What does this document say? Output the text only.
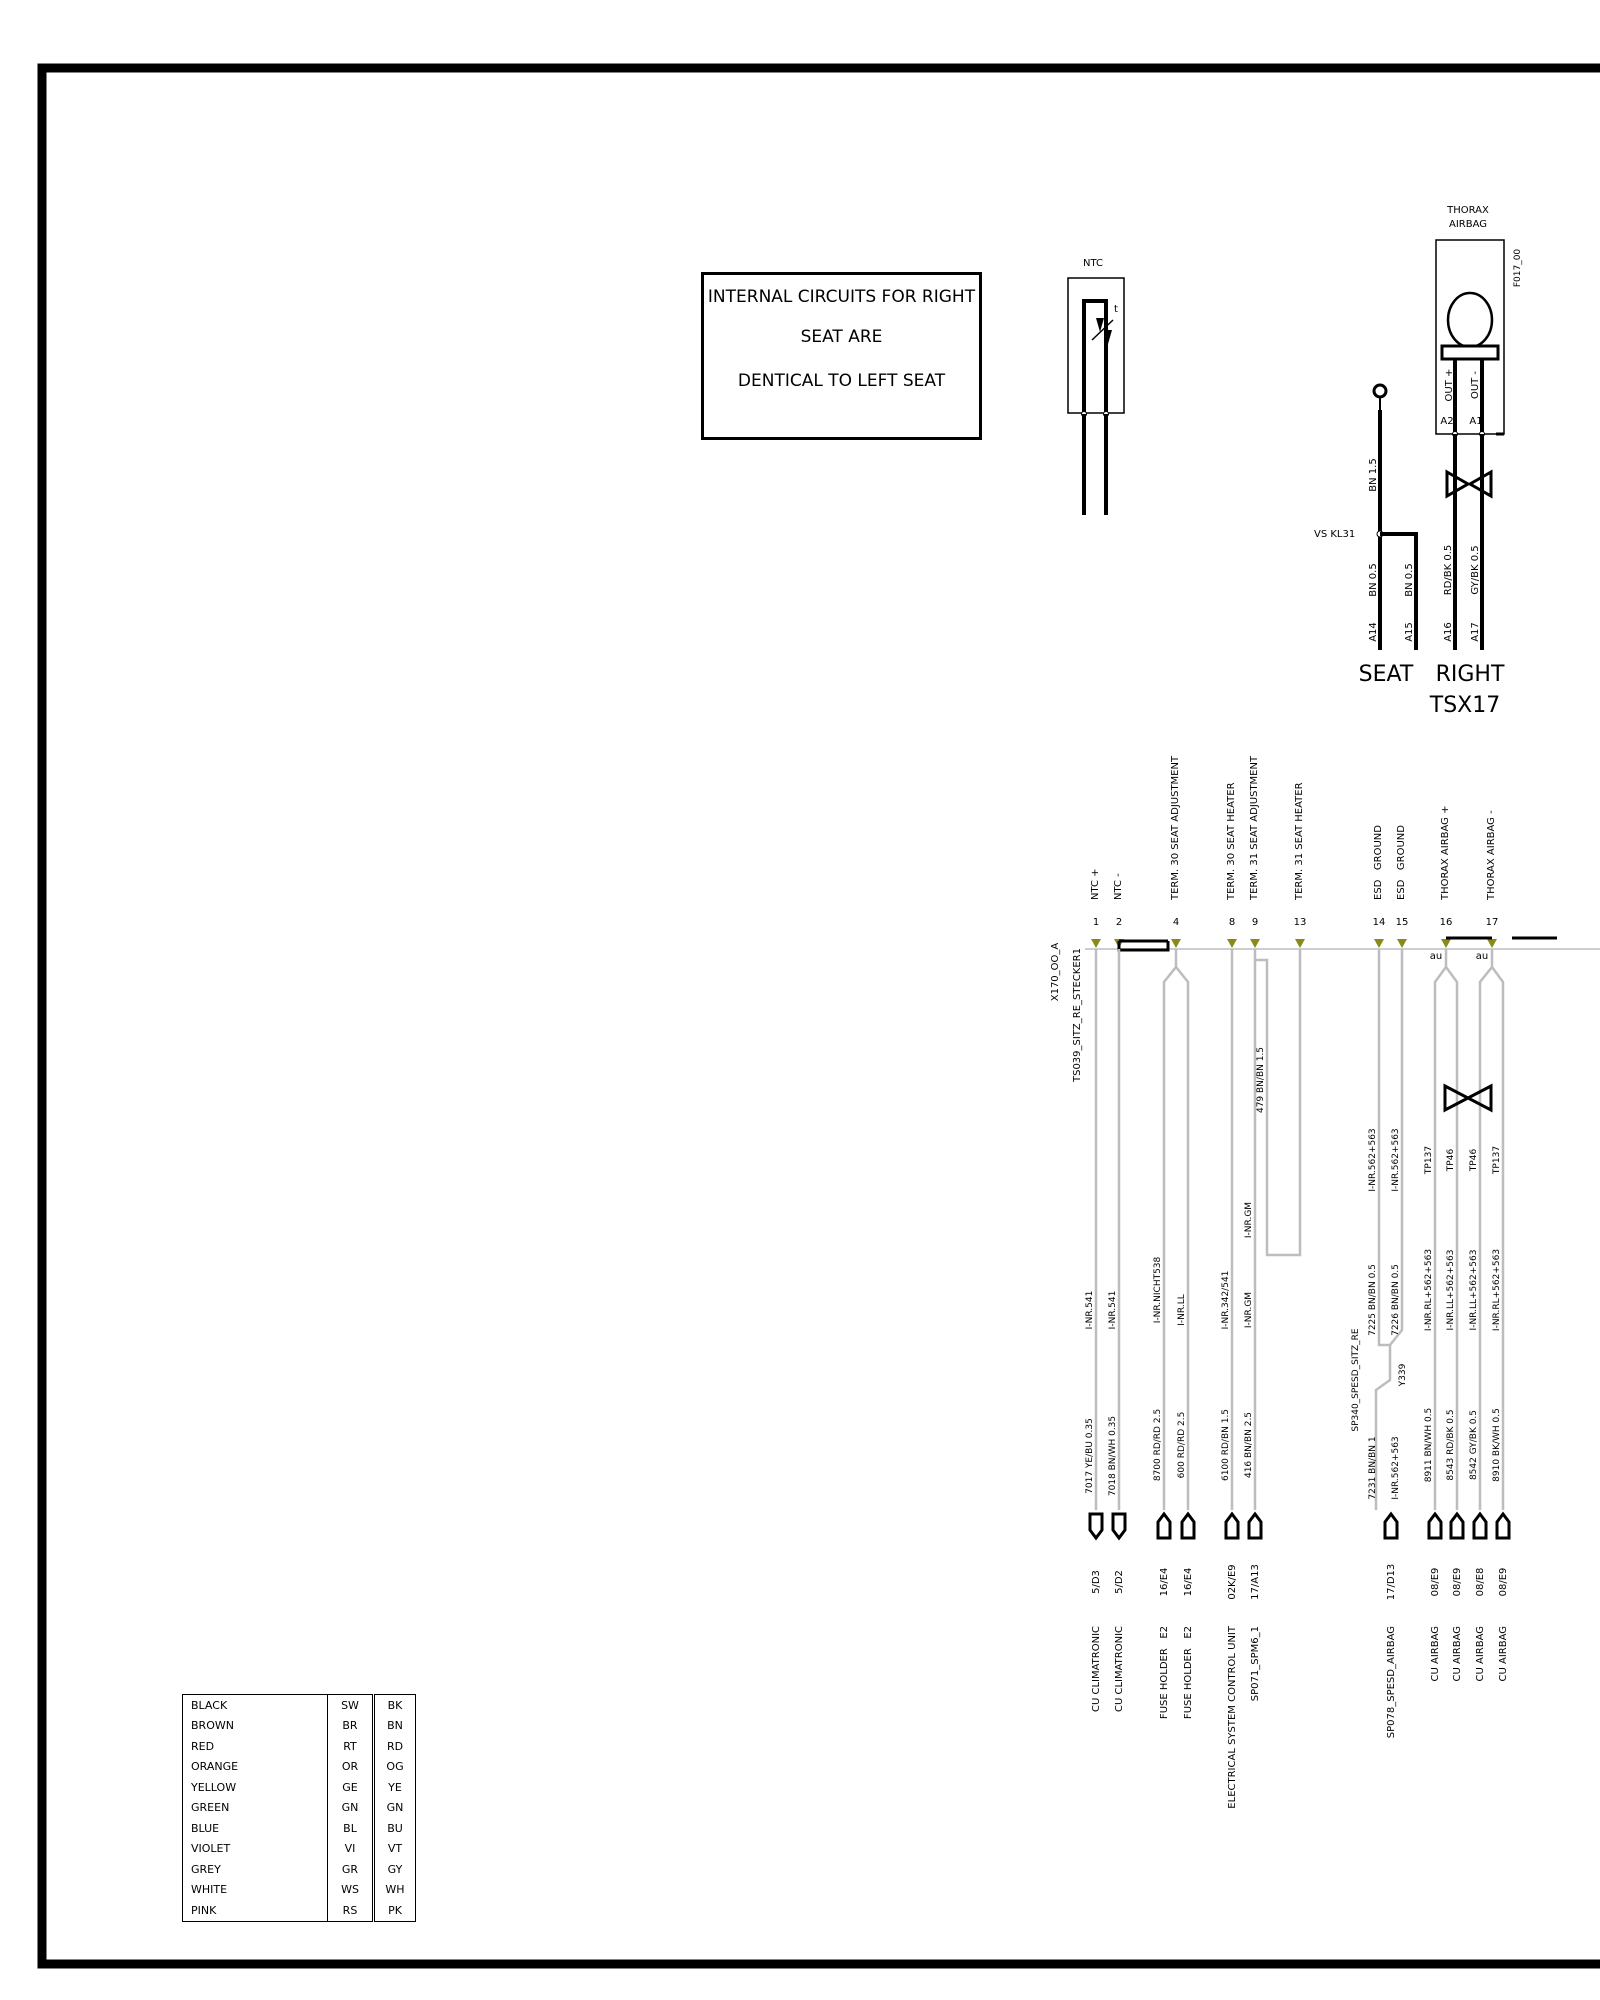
NTC
t
THORAX
AIRBAG
F017_00
OUT + OUT -
A2 A1
BN 1.5
VS KL31
BN 0.5	BN 0.5	RD/BK 0.5 GY/BK 0.5
A14	A15	A16 A17
SEAT RIGHT
TSX17
X170_OO_A TS039_SITZ_RE_STECKER1
NTC + NTC -	TERM. 30 SEAT ADJUSTMENT	TERM. 30 SEAT HEATER TERM. 31 SEAT ADJUSTMENT	TERM. 31 SEAT HEATER	ESD   GROUND ESD   GROUND	THORAX AIRBAG +	THORAX AIRBAG -
1 2	4	8 9	13	14 15	16	17
au	au
479 BN/BN 1.5
I-NR.GM
I-NR.562+563 I-NR.562+563	TP137 TP46 TP46 TP137
I-NR.541 I-NR.541	I-NR.NICHT538 I-NR.LL	I-NR.342/541 I-NR.GM	7225 BN/BN 0.5 7226 BN/BN 0.5	I-NR.RL+562+563 I-NR.LL+562+563 I-NR.LL+562+563 I-NR.RL+562+563
SP340_SPESD_SITZ_RE	Y339
7017 YE/BU 0.35 7018 BN/WH 0.35	8700 RD/RD 2.5 600 RD/RD 2.5	6100 RD/BN 1.5 416 BN/BN 2.5	7231 BN/BN 1 I-NR.562+563	8911 BN/WH 0.5 8543 RD/BK 0.5 8542 GY/BK 0.5 8910 BK/WH 0.5
5/D3 5/D2	16/E4 16/E4	02K/E9 17/A13	17/D13	08/E9 08/E9 08/E8 08/E9
CU CLIMATRONIC CU CLIMATRONIC	FUSE HOLDER   E2 FUSE HOLDER   E2	ELECTRICAL SYSTEM CONTROL UNIT SP071_SPM6_1	SP078_SPESD_AIRBAG	CU AIRBAG CU AIRBAG CU AIRBAG CU AIRBAG
INTERNAL CIRCUITS FOR RIGHT
SEAT ARE
DENTICAL TO LEFT SEAT
BLACK	SW	BK
BROWN	BR	BN
RED	RT	RD
ORANGE	OR	OG
YELLOW	GE	YE
GREEN	GN	GN
BLUE	BL	BU
VIOLET	VI	VT
GREY	GR	GY
WHITE	WS	WH
PINK	RS	PK
